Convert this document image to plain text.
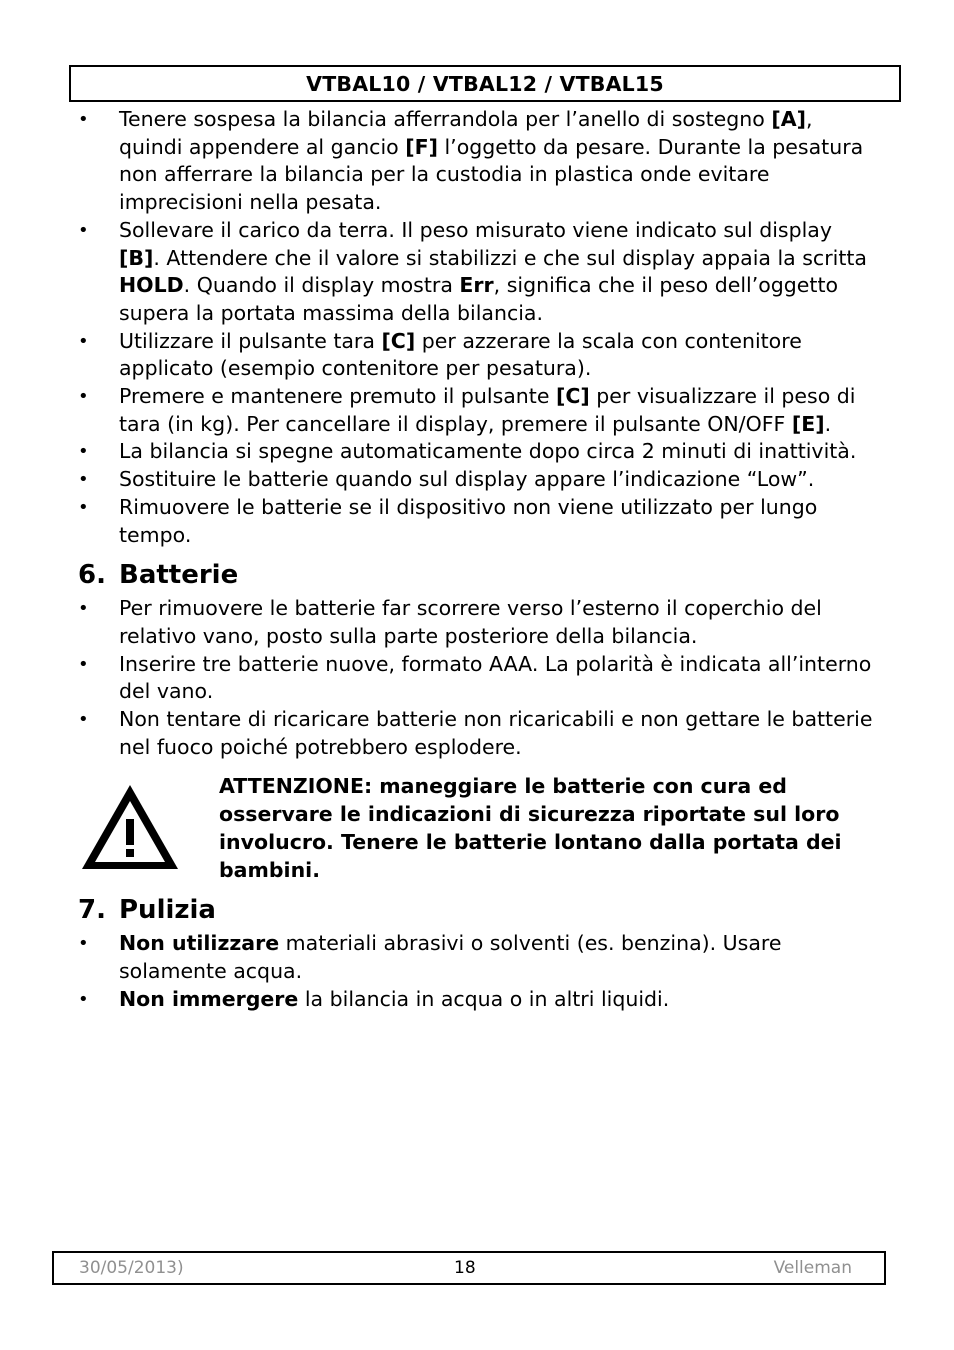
VTBAL10 / VTBAL12 / VTBAL15
• Tenere sospesa la bilancia afferrandola per l’anello di sostegno [A], quindi appendere al gancio [F] l’oggetto da pesare. Durante la pesatura non afferrare la bilancia per la custodia in plastica onde evitare imprecisioni nella pesata.
• Sollevare il carico da terra. Il peso misurato viene indicato sul display [B]. Attendere che il valore si stabilizzi e che sul display appaia la scritta HOLD. Quando il display mostra Err, significa che il peso dell’oggetto supera la portata massima della bilancia.
• Utilizzare il pulsante tara [C] per azzerare la scala con contenitore applicato (esempio contenitore per pesatura).
• Premere e mantenere premuto il pulsante [C] per visualizzare il peso di tara (in kg). Per cancellare il display, premere il pulsante ON/OFF [E].
• La bilancia si spegne automaticamente dopo circa 2 minuti di inattività.
• Sostituire le batterie quando sul display appare l’indicazione “Low”.
• Rimuovere le batterie se il dispositivo non viene utilizzato per lungo tempo.
6. Batterie
• Per rimuovere le batterie far scorrere verso l’esterno il coperchio del relativo vano, posto sulla parte posteriore della bilancia.
• Inserire tre batterie nuove, formato AAA. La polarità è indicata all’interno del vano.
• Non tentare di ricaricare batterie non ricaricabili e non gettare le batterie nel fuoco poiché potrebbero esplodere.
ATTENZIONE: maneggiare le batterie con cura ed osservare le indicazioni di sicurezza riportate sul loro involucro. Tenere le batterie lontano dalla portata dei bambini.
7. Pulizia
• Non utilizzare materiali abrasivi o solventi (es. benzina). Usare solamente acqua.
• Non immergere la bilancia in acqua o in altri liquidi.
30/05/2013)	18	Velleman
